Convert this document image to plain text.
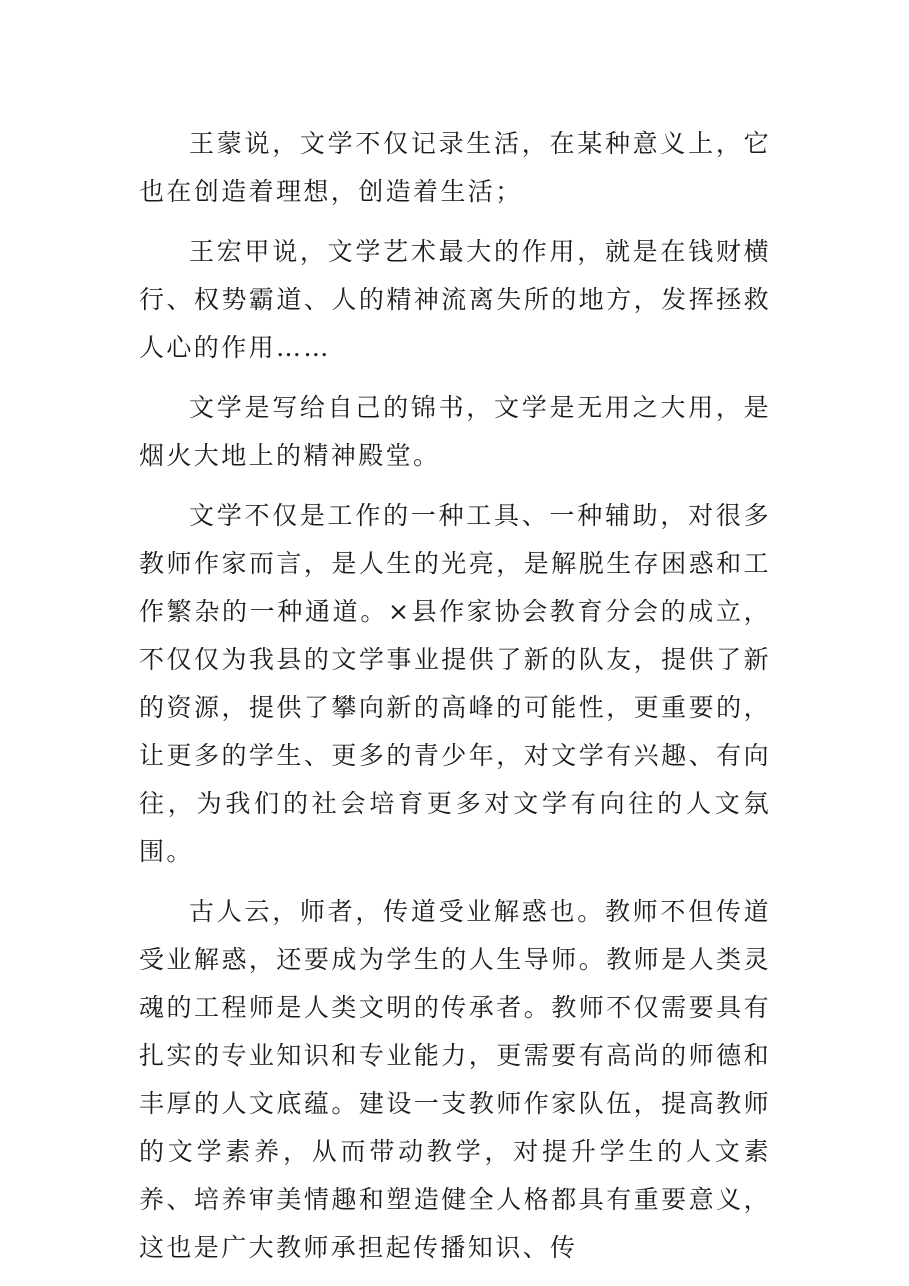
王蒙说，文学不仅记录生活，在某种意义上，它也在创造着理想，创造着生活；

王宏甲说，文学艺术最大的作用，就是在钱财横行、权势霸道、人的精神流离失所的地方，发挥拯救人心的作用……

文学是写给自己的锦书，文学是无用之大用，是烟火大地上的精神殿堂。

文学不仅是工作的一种工具、一种辅助，对很多教师作家而言，是人生的光亮，是解脱生存困惑和工作繁杂的一种通道。×县作家协会教育分会的成立，不仅仅为我县的文学事业提供了新的队友，提供了新的资源，提供了攀向新的高峰的可能性，更重要的，让更多的学生、更多的青少年，对文学有兴趣、有向往，为我们的社会培育更多对文学有向往的人文氛围。

古人云，师者，传道受业解惑也。教师不但传道受业解惑，还要成为学生的人生导师。教师是人类灵魂的工程师是人类文明的传承者。教师不仅需要具有扎实的专业知识和专业能力，更需要有高尚的师德和丰厚的人文底蕴。建设一支教师作家队伍，提高教师的文学素养，从而带动教学，对提升学生的人文素养、培养审美情趣和塑造健全人格都具有重要意义，这也是广大教师承担起传播知识、传
